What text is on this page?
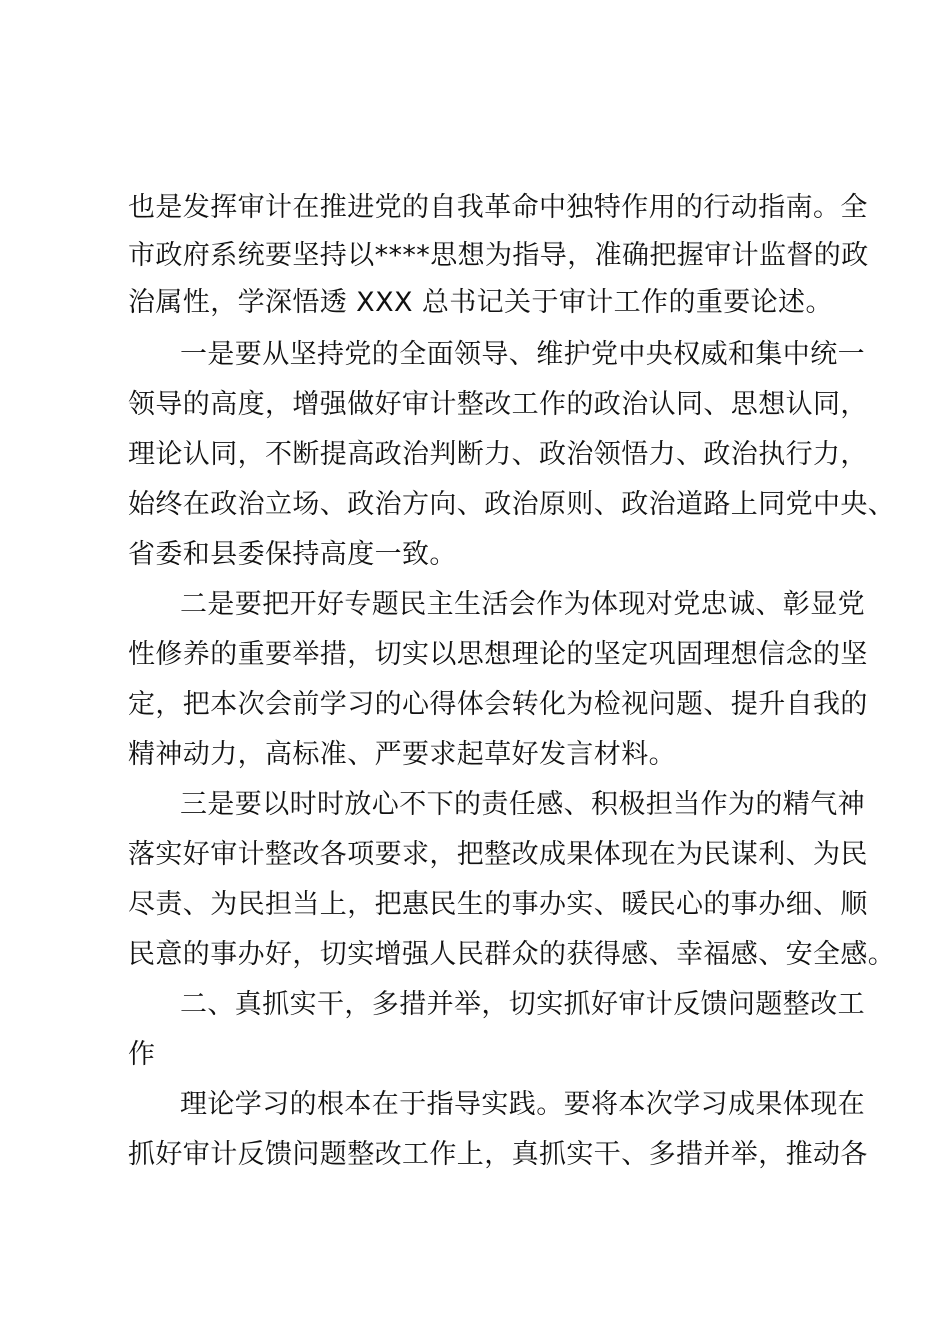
也是发挥审计在推进党的自我革命中独特作用的行动指南。全
市政府系统要坚持以****思想为指导，准确把握审计监督的政
治属性，学深悟透 XXX 总书记关于审计工作的重要论述。
一是要从坚持党的全面领导、维护党中央权威和集中统一
领导的高度，增强做好审计整改工作的政治认同、思想认同，
理论认同，不断提高政治判断力、政治领悟力、政治执行力，
始终在政治立场、政治方向、政治原则、政治道路上同党中央、
省委和县委保持高度一致。
二是要把开好专题民主生活会作为体现对党忠诚、彰显党
性修养的重要举措，切实以思想理论的坚定巩固理想信念的坚
定，把本次会前学习的心得体会转化为检视问题、提升自我的
精神动力，高标准、严要求起草好发言材料。
三是要以时时放心不下的责任感、积极担当作为的精气神
落实好审计整改各项要求，把整改成果体现在为民谋利、为民
尽责、为民担当上，把惠民生的事办实、暖民心的事办细、顺
民意的事办好，切实增强人民群众的获得感、幸福感、安全感。
二、真抓实干，多措并举，切实抓好审计反馈问题整改工
作
理论学习的根本在于指导实践。要将本次学习成果体现在
抓好审计反馈问题整改工作上，真抓实干、多措并举，推动各
